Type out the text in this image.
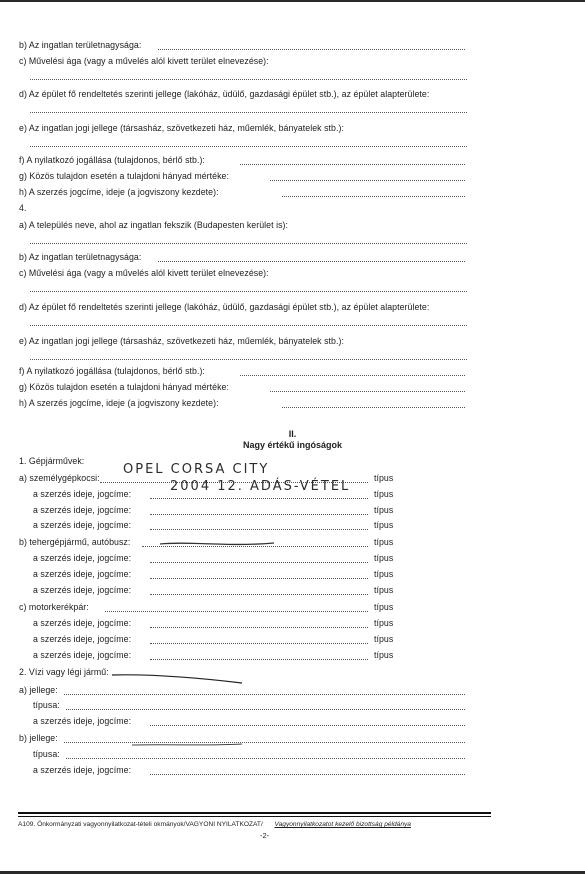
b) Az ingatlan területnagysága:
c) Művelési ága (vagy a művelés alól kivett terület elnevezése):
d) Az épület fő rendeltetés szerinti jellege (lakóház, üdülő, gazdasági épület stb.), az épület alapterülete:
e) Az ingatlan jogi jellege (társasház, szövetkezeti ház, műemlék, bányatelek stb.):
f) A nyilatkozó jogállása (tulajdonos, bérlő stb.):
g) Közös tulajdon esetén a tulajdoni hányad mértéke:
h) A szerzés jogcíme, ideje (a jogviszony kezdete):
4.
a) A település neve, ahol az ingatlan fekszik (Budapesten kerület is):
b) Az ingatlan területnagysága:
c) Művelési ága (vagy a művelés alól kivett terület elnevezése):
d) Az épület fő rendeltetés szerinti jellege (lakóház, üdülő, gazdasági épület stb.), az épület alapterülete:
e) Az ingatlan jogi jellege (társasház, szövetkezeti ház, műemlék, bányatelek stb.):
f) A nyilatkozó jogállása (tulajdonos, bérlő stb.):
g) Közös tulajdon esetén a tulajdoni hányad mértéke:
h) A szerzés jogcíme, ideje (a jogviszony kezdete):
II.
Nagy értékű ingóságok
1. Gépjárművek:
a) személygépkocsi:	típus
OPEL CORSA CITY
a szerzés ideje, jogcíme:	típus
2004 12. ADÁS-VÉTEL
a szerzés ideje, jogcíme:	típus
a szerzés ideje, jogcíme:	típus
b) tehergépjármű, autóbusz:	típus
a szerzés ideje, jogcíme:	típus
a szerzés ideje, jogcíme:	típus
a szerzés ideje, jogcíme:	típus
c) motorkerékpár:	típus
a szerzés ideje, jogcíme:	típus
a szerzés ideje, jogcíme:	típus
a szerzés ideje, jogcíme:	típus
2. Vízi vagy légi jármű:
a) jellege:
típusa:
a szerzés ideje, jogcíme:
b) jellege:
típusa:
a szerzés ideje, jogcíme:
A109. Önkormányzati vagyonnyilatkozat-tételi okmányok/VAGYONI NYILATKOZAT/ Vagyonnyilatkozatot kezelő bizottság példánya
-2-
